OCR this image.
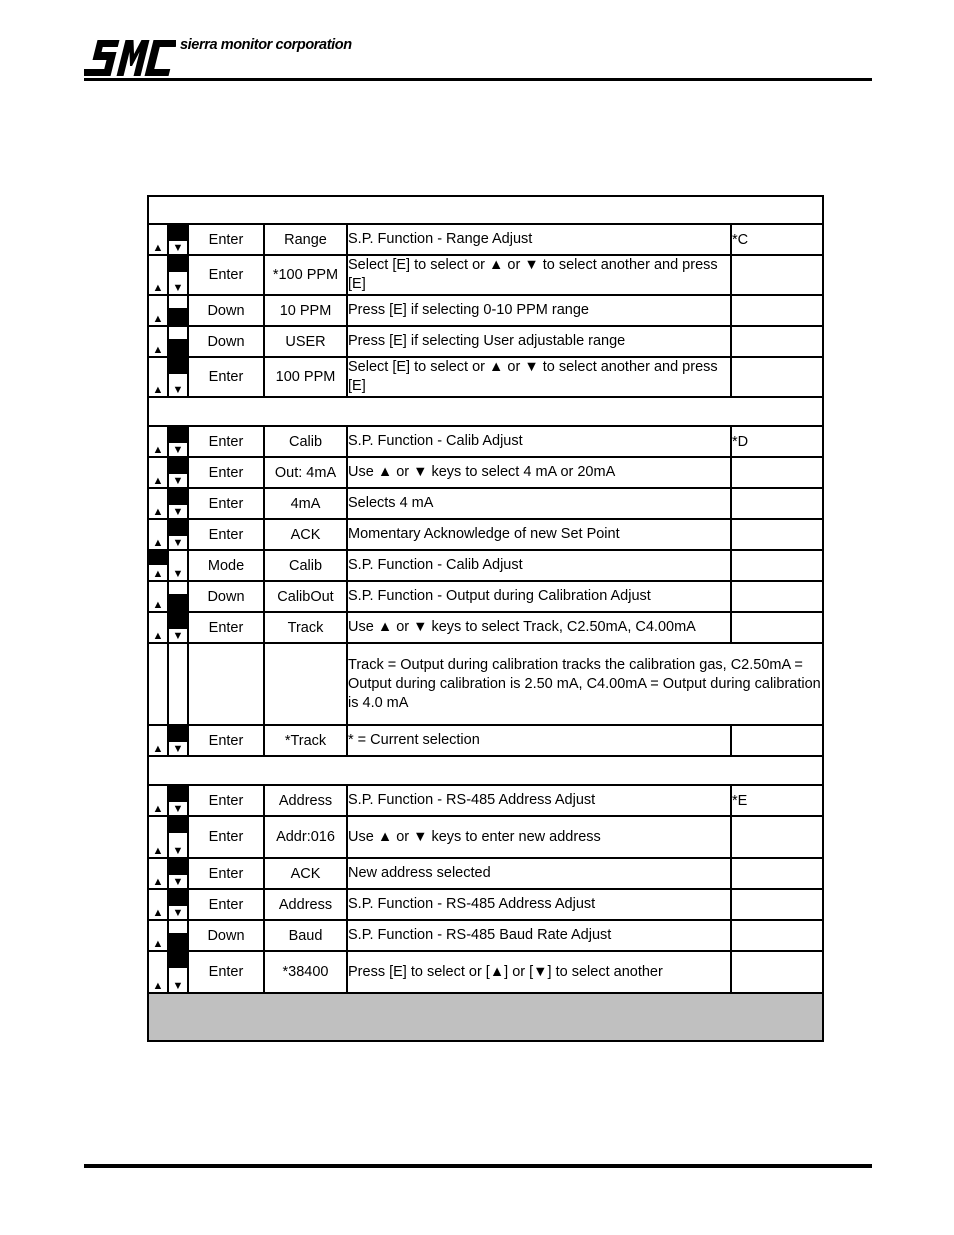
sierra monitor corporation

▲	▼	Enter	Range	S.P. Function - Range Adjust	*C

▲	▼	Enter	*100 PPM	Select [E] to select or ▲ or ▼ to select another and press [E]	

▲	▼	Down	10 PPM	Press [E] if selecting 0-10 PPM range	

▲	▼	Down	USER	Press [E] if selecting User adjustable range	

▲	▼	Enter	100 PPM	Select [E] to select or ▲ or ▼ to select another and press [E]	

▲	▼	Enter	Calib	S.P. Function - Calib Adjust	*D

▲	▼	Enter	Out: 4mA	Use ▲ or ▼ keys to select 4 mA or 20mA	

▲	▼	Enter	4mA	Selects 4 mA	

▲	▼	Enter	ACK	Momentary Acknowledge of new Set Point	

▲	▼	Mode	Calib	S.P. Function - Calib Adjust	

▲	▼	Down	CalibOut	S.P. Function - Output during Calibration Adjust	

▲	▼	Enter	Track	Use ▲ or ▼ keys to select Track, C2.50mA, C4.00mA	
				Track = Output during calibration tracks the calibration gas, C2.50mA = Output during calibration is 2.50 mA, C4.00mA = Output during calibration is 4.0 mA	

▲	▼	Enter	*Track	* = Current selection	

▲	▼	Enter	Address	S.P. Function - RS-485 Address Adjust	*E

▲	▼	Enter	Addr:016	Use ▲ or ▼ keys to enter new address	

▲	▼	Enter	ACK	New address selected	

▲	▼	Enter	Address	S.P. Function - RS-485 Address Adjust	

▲	▼	Down	Baud	S.P. Function - RS-485 Baud Rate Adjust	

▲	▼	Enter	*38400	Press [E] to select or [▲] or [▼] to select another	
